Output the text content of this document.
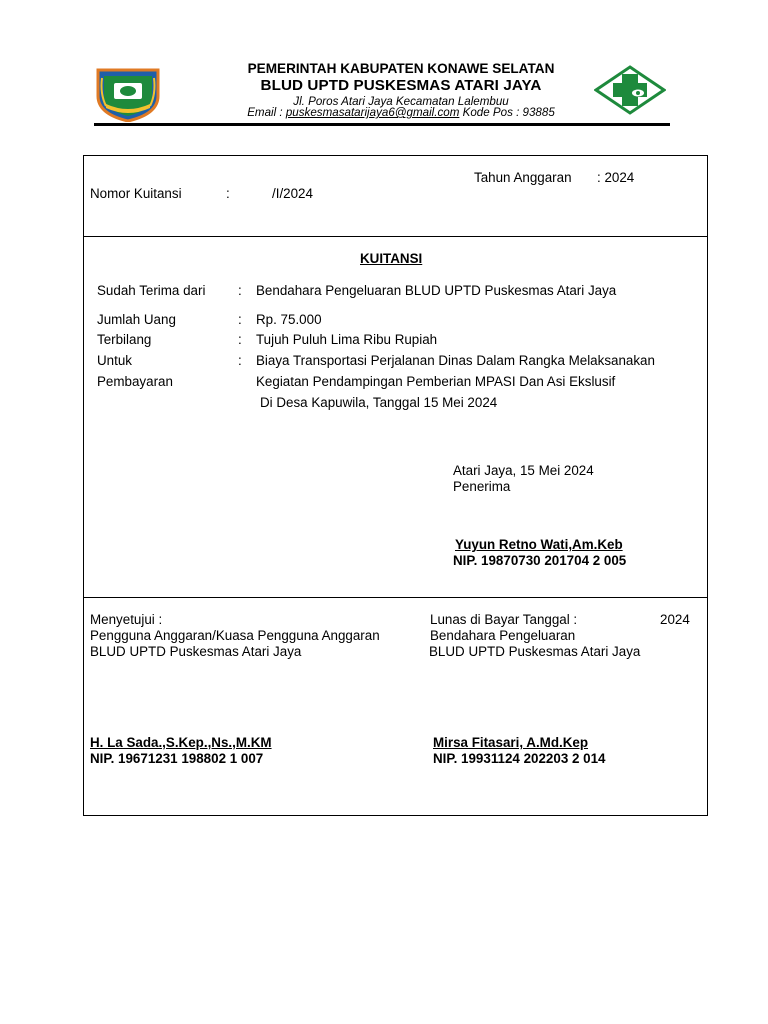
PEMERINTAH KABUPATEN KONAWE SELATAN
BLUD UPTD PUSKESMAS ATARI JAYA
Jl. Poros Atari Jaya Kecamatan Lalembuu
Email : puskesmasatarijaya6@gmail.com Kode Pos : 93885
Tahun Anggaran : 2024
Nomor Kuitansi	:	/I/2024
KUITANSI
Sudah Terima dari : Bendahara Pengeluaran BLUD UPTD Puskesmas Atari Jaya
Jumlah Uang	: Rp. 75.000
Terbilang	: Tujuh Puluh Lima Ribu Rupiah
Untuk	: Biaya Transportasi Perjalanan Dinas Dalam Rangka Melaksanakan
Pembayaran	Kegiatan Pendampingan Pemberian MPASI Dan Asi Ekslusif
Di Desa Kapuwila, Tanggal 15 Mei 2024
Atari Jaya, 15 Mei 2024
Penerima
Yuyun Retno Wati,Am.Keb
NIP. 19870730 201704 2 005
Menyetujui :
Pengguna Anggaran/Kuasa Pengguna Anggaran
BLUD UPTD Puskesmas Atari Jaya
H. La Sada.,S.Kep.,Ns.,M.KM
NIP. 19671231 198802 1 007
Lunas di Bayar Tanggal :	2024
Bendahara Pengeluaran
BLUD UPTD Puskesmas Atari Jaya
Mirsa Fitasari, A.Md.Kep
NIP. 19931124 202203 2 014
